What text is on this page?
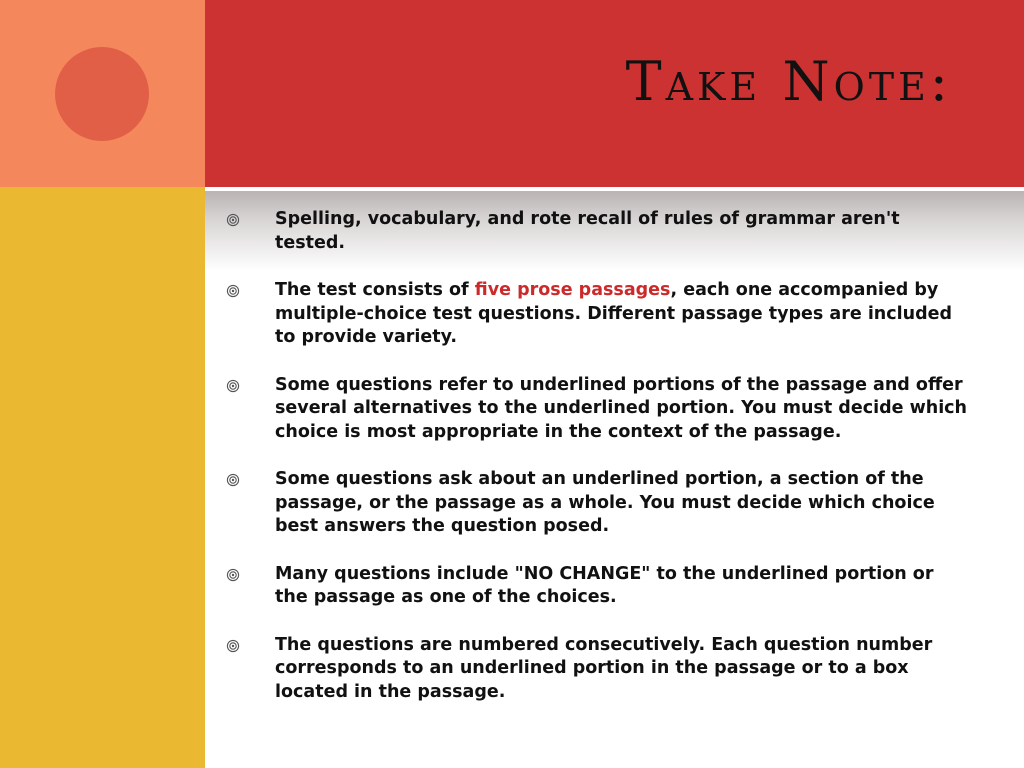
Take Note:
Spelling, vocabulary, and rote recall of rules of grammar aren't tested.
The test consists of five prose passages, each one accompanied by multiple-choice test questions. Different passage types are included to provide variety.
Some questions refer to underlined portions of the passage and offer several alternatives to the underlined portion. You must decide which choice is most appropriate in the context of the passage.
Some questions ask about an underlined portion, a section of the passage, or the passage as a whole. You must decide which choice best answers the question posed.
Many questions include "NO CHANGE" to the underlined portion or the passage as one of the choices.
The questions are numbered consecutively. Each question number corresponds to an underlined portion in the passage or to a box located in the passage.
